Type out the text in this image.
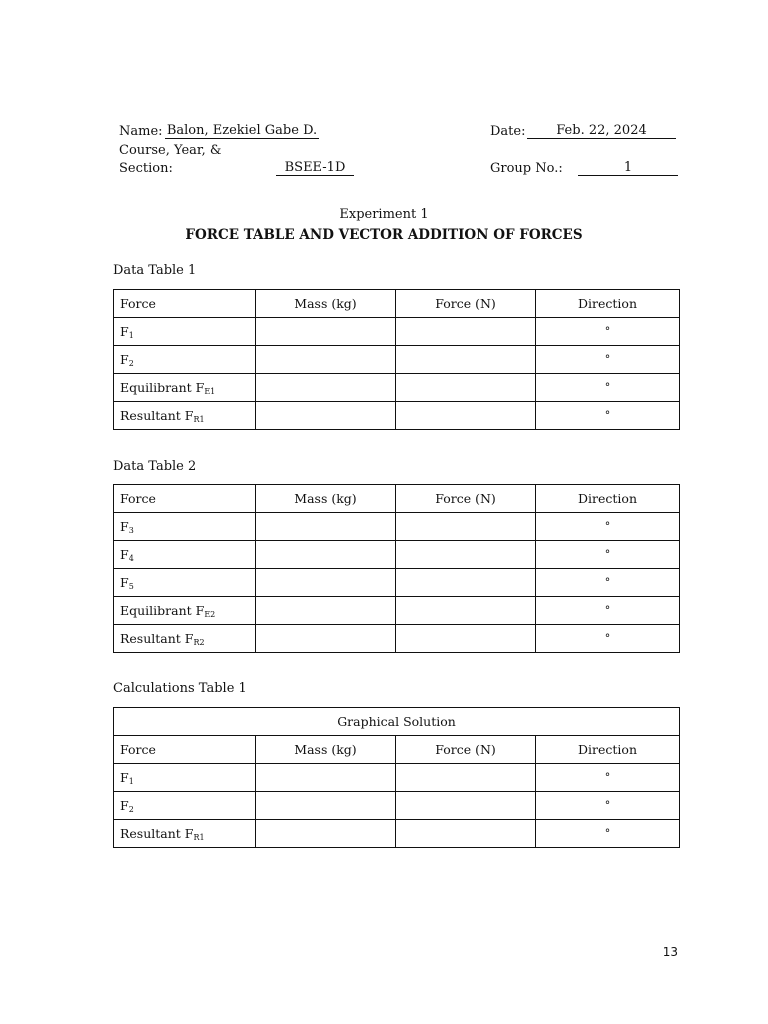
Name: Balon, Ezekiel Gabe D.	Date:	Feb. 22, 2024
Course, Year, &
Section:	BSEE-1D	Group No.:	1
Experiment 1
FORCE TABLE AND VECTOR ADDITION OF FORCES
Data Table 1
Force	Mass (kg)	Force (N)	Direction
$F_1$			°
$F_2$			°
Equilibrant $F_{E1}$			°
Resultant $F_{R1}$			°
Data Table 2
Force	Mass (kg)	Force (N)	Direction
$F_3$			°
$F_4$			°
$F_5$			°
Equilibrant $F_{E2}$			°
Resultant $F_{R2}$			°
Calculations Table 1
Graphical Solution			
Force	Mass (kg)	Force (N)	Direction
$F_1$			°
$F_2$			°
Resultant $F_{R1}$			°
13
